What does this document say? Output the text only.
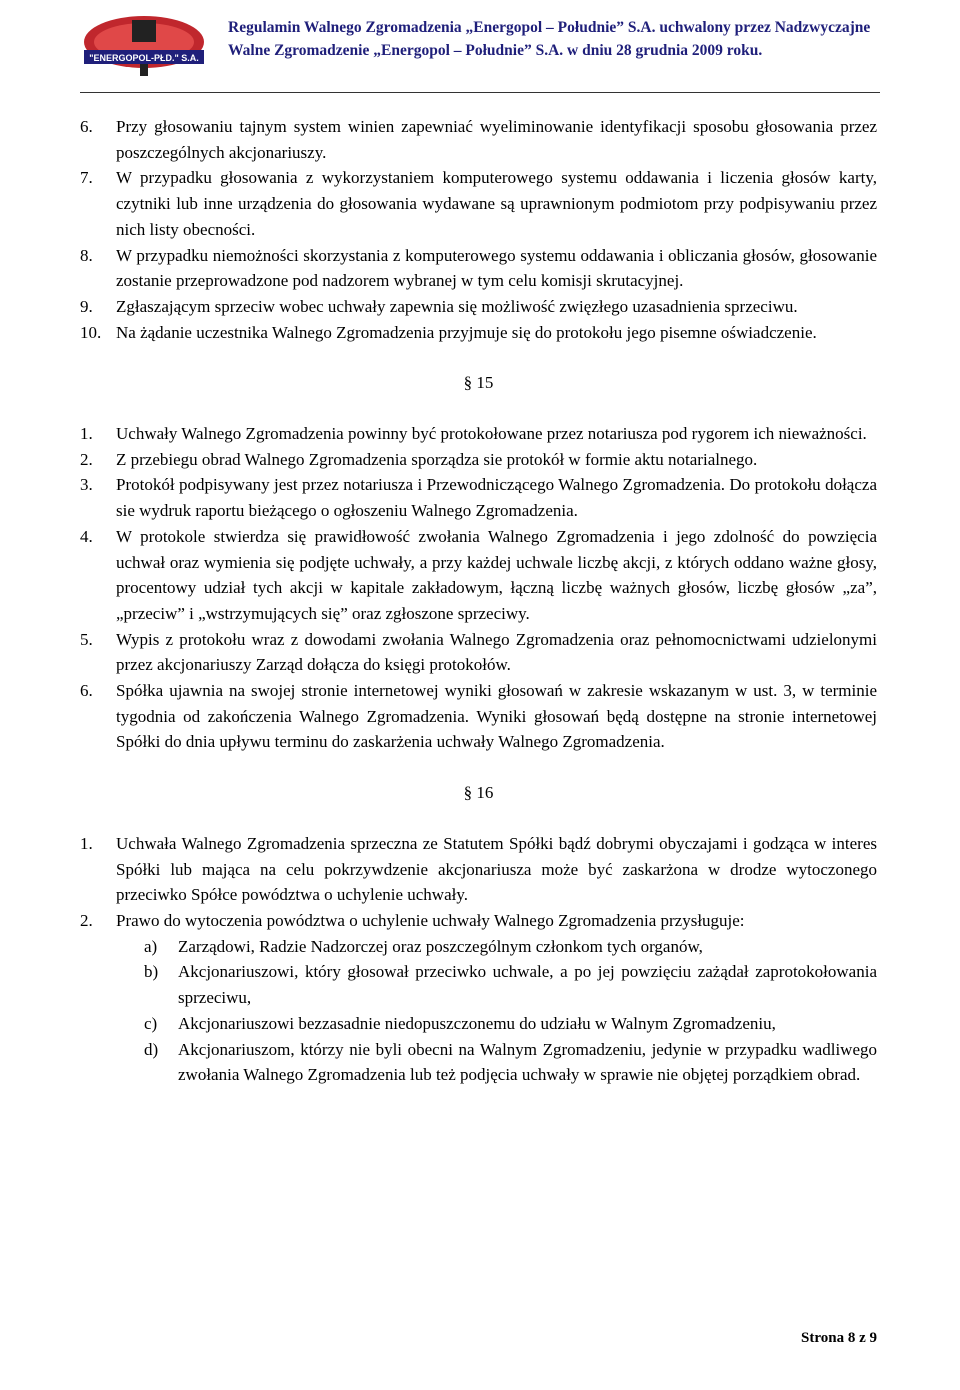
"ENERGOPOL-PŁD." S.A.
Regulamin Walnego Zgromadzenia „Energopol – Południe” S.A. uchwalony przez Nadzwyczajne
Walne Zgromadzenie „Energopol – Południe” S.A. w dniu 28 grudnia 2009 roku.
6.	Przy głosowaniu tajnym system winien zapewniać wyeliminowanie identyfikacji sposobu głosowania przez poszczególnych akcjonariuszy.
7.	W przypadku głosowania z wykorzystaniem komputerowego systemu oddawania i liczenia głosów karty, czytniki lub inne urządzenia do głosowania wydawane są uprawnionym podmiotom przy podpisywaniu przez nich listy obecności.
8.	W przypadku niemożności skorzystania z komputerowego systemu oddawania i obliczania głosów, głosowanie zostanie przeprowadzone pod nadzorem wybranej w tym celu komisji skrutacyjnej.
9.	Zgłaszającym sprzeciw wobec uchwały zapewnia się możliwość zwięzłego uzasadnienia sprzeciwu.
10. Na żądanie uczestnika Walnego Zgromadzenia przyjmuje się do protokołu jego pisemne oświadczenie.
§ 15
1.	Uchwały Walnego Zgromadzenia powinny być protokołowane przez notariusza pod rygorem ich nieważności.
2.	Z przebiegu obrad Walnego Zgromadzenia sporządza sie protokół w formie aktu notarialnego.
3.	Protokół podpisywany jest przez notariusza i Przewodniczącego Walnego Zgromadzenia. Do protokołu dołącza sie wydruk raportu bieżącego o ogłoszeniu Walnego Zgromadzenia.
4.	W protokole stwierdza się prawidłowość zwołania Walnego Zgromadzenia i jego zdolność do powzięcia uchwał oraz wymienia się podjęte uchwały, a przy każdej uchwale liczbę akcji, z których oddano ważne głosy, procentowy udział tych akcji w kapitale zakładowym, łączną liczbę ważnych głosów, liczbę głosów „za”, „przeciw” i „wstrzymujących się” oraz zgłoszone sprzeciwy.
5.	Wypis z protokołu wraz z dowodami zwołania Walnego Zgromadzenia oraz pełnomocnictwami udzielonymi przez akcjonariuszy Zarząd dołącza do księgi protokołów.
6.	Spółka ujawnia na swojej stronie internetowej wyniki głosowań w zakresie wskazanym w ust. 3, w terminie tygodnia od zakończenia Walnego Zgromadzenia. Wyniki głosowań będą dostępne na stronie internetowej Spółki do dnia upływu terminu do zaskarżenia uchwały Walnego Zgromadzenia.
§ 16
1.	Uchwała Walnego Zgromadzenia sprzeczna ze Statutem Spółki bądź dobrymi obyczajami i godząca w interes Spółki lub mająca na celu pokrzywdzenie akcjonariusza może być zaskarżona w drodze wytoczonego przeciwko Spółce powództwa o uchylenie uchwały.
2.	Prawo do wytoczenia powództwa o uchylenie uchwały Walnego Zgromadzenia przysługuje:
a)	Zarządowi, Radzie Nadzorczej oraz poszczególnym członkom tych organów,
b)	Akcjonariuszowi, który głosował przeciwko uchwale, a po jej powzięciu zażądał zaprotokołowania sprzeciwu,
c)	Akcjonariuszowi bezzasadnie niedopuszczonemu do udziału w Walnym Zgromadzeniu,
d)	Akcjonariuszom, którzy nie byli obecni na Walnym Zgromadzeniu, jedynie w przypadku wadliwego zwołania Walnego Zgromadzenia lub też podjęcia uchwały w sprawie nie objętej porządkiem obrad.
Strona 8 z 9
